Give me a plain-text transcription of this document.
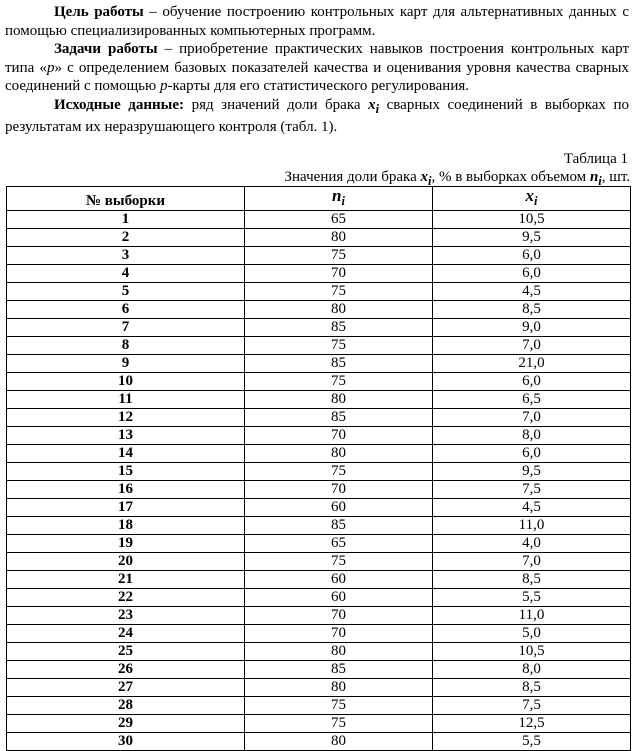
Цель работы – обучение построению контрольных карт для альтернативных данных с помощью специализированных компьютерных программ.

Задачи работы – приобретение практических навыков построения контрольных карт типа «p» с определением базовых показателей качества и оценивания уровня качества сварных соединений с помощью p-карты для его статистического регулирования.

Исходные данные: ряд значений доли брака $x_i$ сварных соединений в выборках по результатам их неразрушающего контроля (табл. 1).

Таблица 1
Значения доли брака $x_i$, % в выборках объемом $n_i$, шт.
№ выборки	$n_i$	$x_i$
1	65	10,5
2	80	9,5
3	75	6,0
4	70	6,0
5	75	4,5
6	80	8,5
7	85	9,0
8	75	7,0
9	85	21,0
10	75	6,0
11	80	6,5
12	85	7,0
13	70	8,0
14	80	6,0
15	75	9,5
16	70	7,5
17	60	4,5
18	85	11,0
19	65	4,0
20	75	7,0
21	60	8,5
22	60	5,5
23	70	11,0
24	70	5,0
25	80	10,5
26	85	8,0
27	80	8,5
28	75	7,5
29	75	12,5
30	80	5,5
